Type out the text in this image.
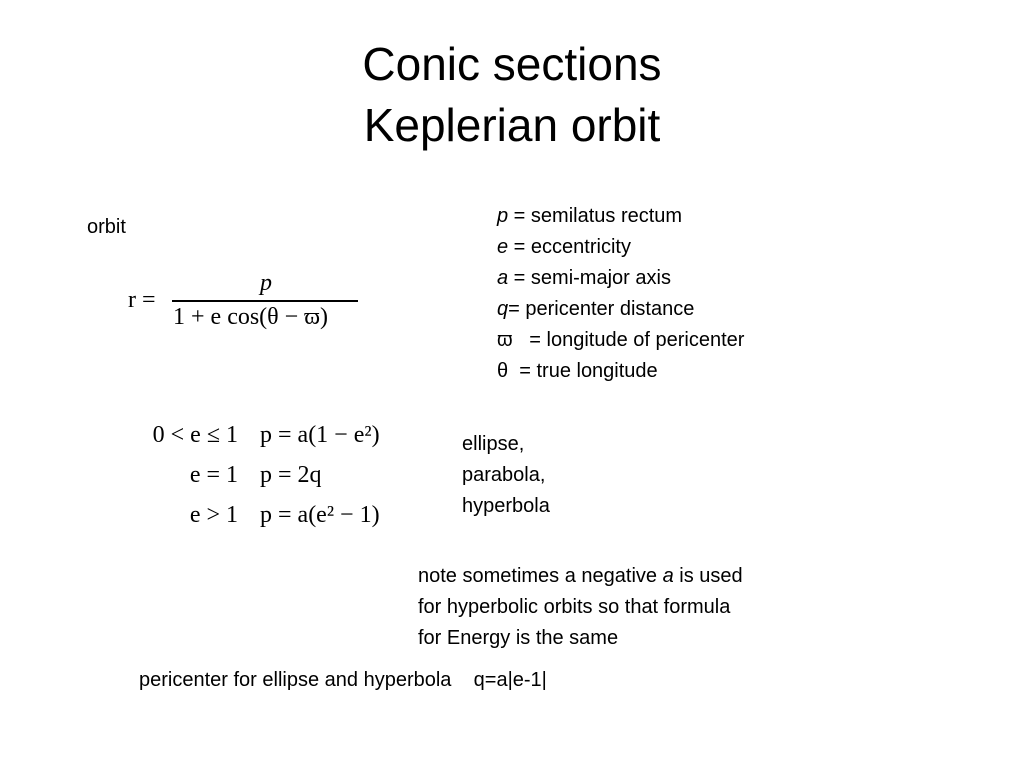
Conic sections
Keplerian orbit
orbit
r =
p
1 + e cos(θ − ϖ)
p = semilatus rectum
e = eccentricity
a = semi-major axis
q= pericenter distance
ϖ   = longitude of pericenter
θ  = true longitude
0 < e ≤ 1 p = a(1 − e²)
e = 1 p = 2q
e > 1 p = a(e² − 1)
ellipse,
parabola,
hyperbola
note sometimes a negative a is used
for hyperbolic orbits so that formula
for Energy is the same
pericenter for ellipse and hyperbola    q=a|e-1|
